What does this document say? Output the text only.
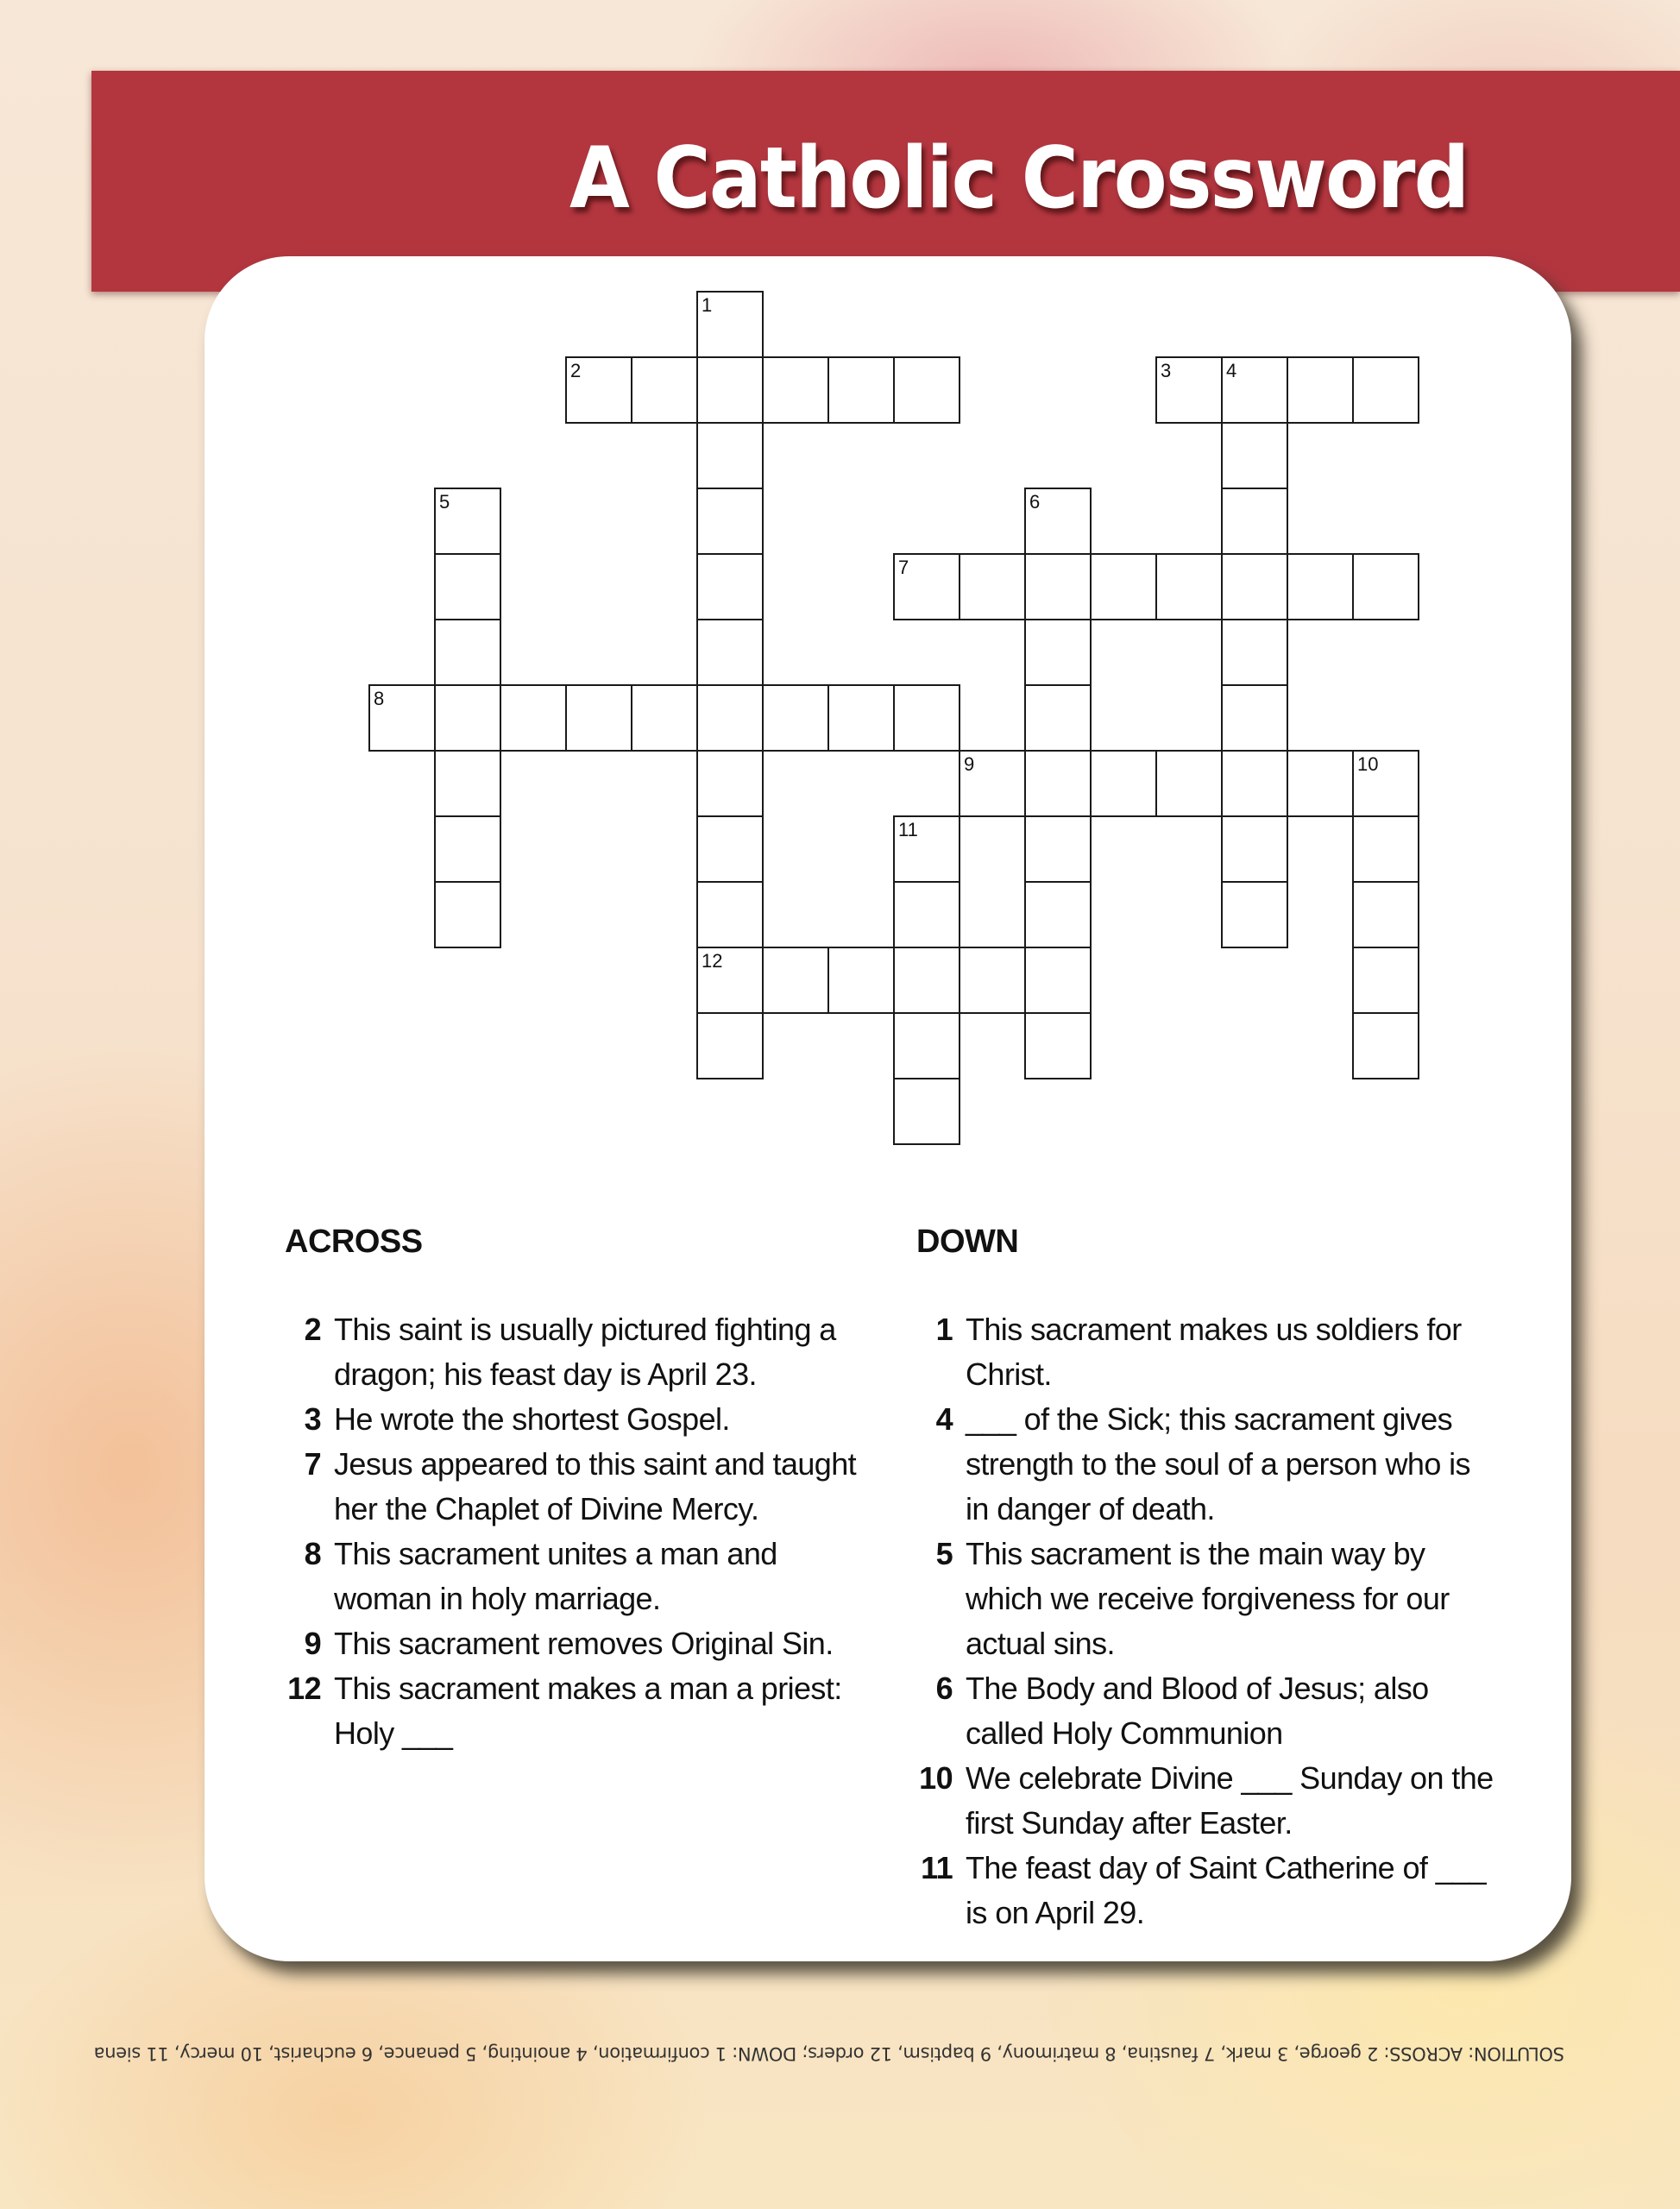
A Catholic Crossword
1
2	3	4
5	6
7
8
9	10
11
12
ACROSS
2 This saint is usually pictured fighting a dragon; his feast day is April 23.
3 He wrote the shortest Gospel.
7 Jesus appeared to this saint and taught her the Chaplet of Divine Mercy.
8 This sacrament unites a man and woman in holy marriage.
9 This sacrament removes Original Sin.
12 This sacrament makes a man a priest: Holy ___
DOWN
1 This sacrament makes us soldiers for Christ.
4 ___ of the Sick; this sacrament gives strength to the soul of a person who is in danger of death.
5 This sacrament is the main way by which we receive forgiveness for our actual sins.
6 The Body and Blood of Jesus; also called Holy Communion
10 We celebrate Divine ___ Sunday on the first Sunday after Easter.
11 The feast day of Saint Catherine of ___ is on April 29.
SOLUTION: ACROSS: 2 george, 3 mark, 7 faustina, 8 matrimony, 9 baptism, 12 orders; DOWN: 1 confirmation, 4 anointing, 5 penance, 6 eucharist, 10 mercy, 11 siena
